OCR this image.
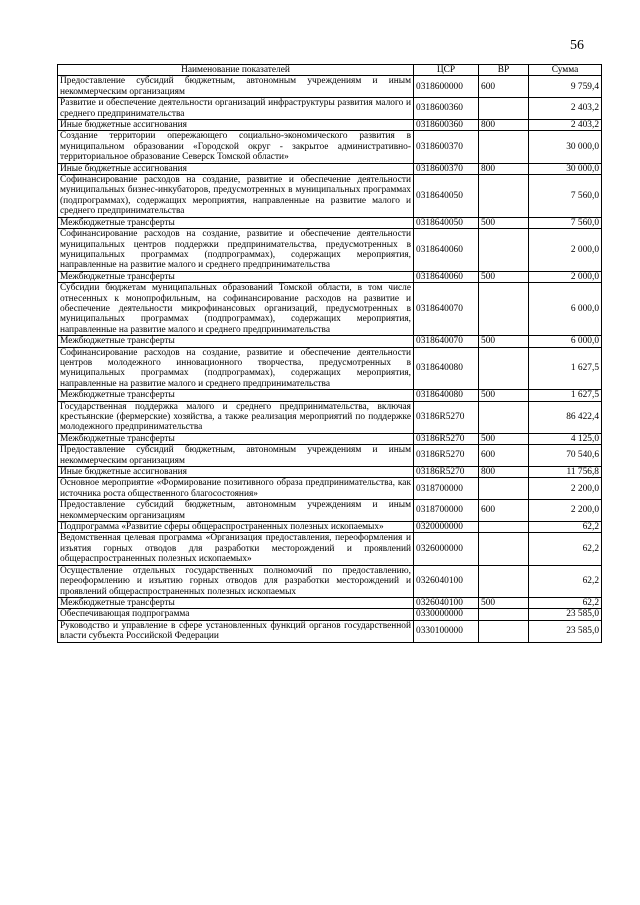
56
Наименование показателей	ЦСР	ВР	Сумма
Предоставление субсидий бюджетным, автономным учреждениям и иным некоммерческим организациям	0318600000	600	9 759,4
Развитие и обеспечение деятельности организаций инфраструктуры развития малого и среднего предпринимательства	0318600360		2 403,2
Иные бюджетные ассигнования	0318600360	800	2 403,2
Создание территории опережающего социально-экономического развития в муниципальном образовании «Городской округ - закрытое административно-территориальное образование Северск Томской области»	0318600370		30 000,0
Иные бюджетные ассигнования	0318600370	800	30 000,0
Софинансирование расходов на создание, развитие и обеспечение деятельности муниципальных бизнес-инкубаторов, предусмотренных в муниципальных программах (подпрограммах), содержащих мероприятия, направленные на развитие малого и среднего предпринимательства	0318640050		7 560,0
Межбюджетные трансферты	0318640050	500	7 560,0
Софинансирование расходов на создание, развитие и обеспечение деятельности муниципальных центров поддержки предпринимательства, предусмотренных в муниципальных программах (подпрограммах), содержащих мероприятия, направленные на развитие малого и среднего предпринимательства	0318640060		2 000,0
Межбюджетные трансферты	0318640060	500	2 000,0
Субсидии бюджетам муниципальных образований Томской области, в том числе отнесенных к монопрофильным, на софинансирование расходов на развитие и обеспечение деятельности микрофинансовых организаций, предусмотренных в муниципальных программах (подпрограммах), содержащих мероприятия, направленные на развитие малого и среднего предпринимательства	0318640070		6 000,0
Межбюджетные трансферты	0318640070	500	6 000,0
Софинансирование расходов на создание, развитие и обеспечение деятельности центров молодежного инновационного творчества, предусмотренных в муниципальных программах (подпрограммах), содержащих мероприятия, направленные на развитие малого и среднего предпринимательства	0318640080		1 627,5
Межбюджетные трансферты	0318640080	500	1 627,5
Государственная поддержка малого и среднего предпринимательства, включая крестьянские (фермерские) хозяйства, а также реализация мероприятий по поддержке молодежного предпринимательства	03186R5270		86 422,4
Межбюджетные трансферты	03186R5270	500	4 125,0
Предоставление субсидий бюджетным, автономным учреждениям и иным некоммерческим организациям	03186R5270	600	70 540,6
Иные бюджетные ассигнования	03186R5270	800	11 756,8
Основное мероприятие «Формирование позитивного образа предпринимательства, как источника роста общественного благосостояния»	0318700000		2 200,0
Предоставление субсидий бюджетным, автономным учреждениям и иным некоммерческим организациям	0318700000	600	2 200,0
Подпрограмма «Развитие сферы общераспространенных полезных ископаемых»	0320000000		62,2
Ведомственная целевая программа «Организация предоставления, переоформления и изъятия горных отводов для разработки месторождений и проявлений общераспространенных полезных ископаемых»	0326000000		62,2
Осуществление отдельных государственных полномочий по предоставлению, переоформлению и изъятию горных отводов для разработки месторождений и проявлений общераспространенных полезных ископаемых	0326040100		62,2
Межбюджетные трансферты	0326040100	500	62,2
Обеспечивающая подпрограмма	0330000000		23 585,0
Руководство и управление в сфере установленных функций органов государственной власти субъекта Российской Федерации	0330100000		23 585,0
